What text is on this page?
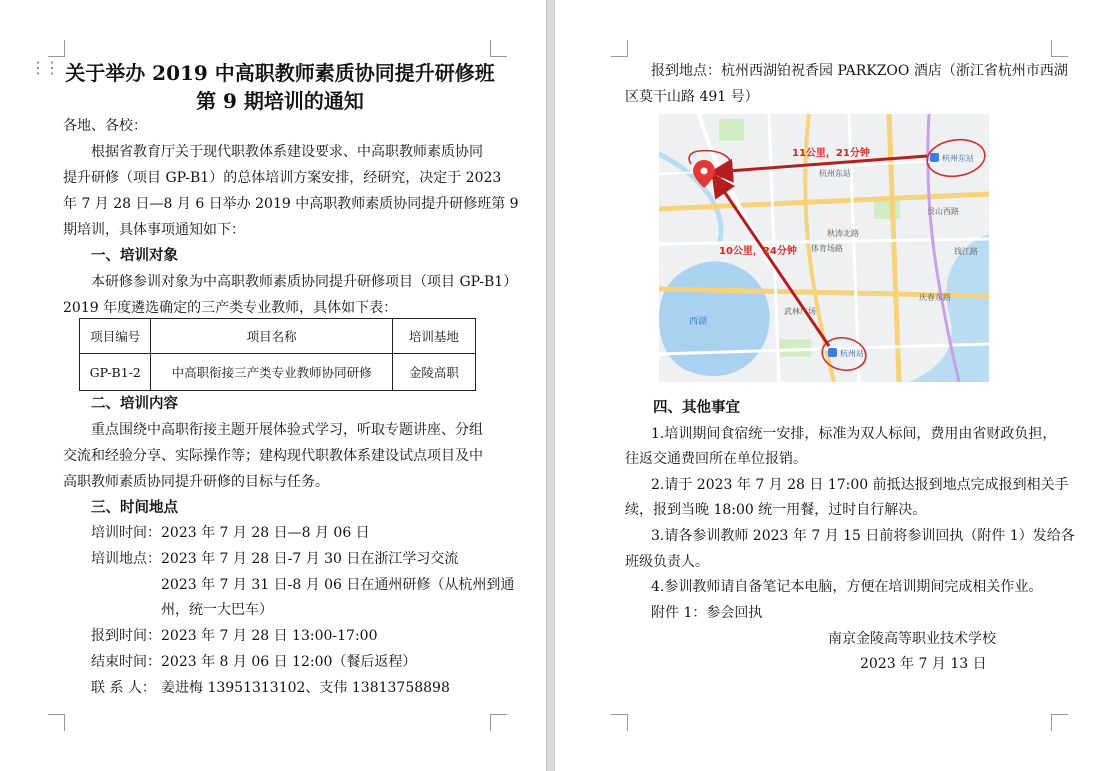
⋮⋮ 关于举办 2019 中高职教师素质协同提升研修班
第 9 期培训的通知
各地、各校：
根据省教育厅关于现代职教体系建设要求、中高职教师素质协同
提升研修（项目 GP-B1）的总体培训方案安排，经研究，决定于 2023
年 7 月 28 日—8 月 6 日举办 2019 中高职教师素质协同提升研修班第 9
期培训，具体事项通知如下：
一、培训对象
本研修参训对象为中高职教师素质协同提升研修项目（项目 GP-B1）
2019 年度遴选确定的三产类专业教师，具体如下表：
项目编号	项目名称	培训基地
GP-B1-2	中高职衔接三产类专业教师协同研修	金陵高职
二、培训内容
重点围绕中高职衔接主题开展体验式学习，听取专题讲座、分组
交流和经验分享、实际操作等；建构现代职教体系建设试点项目及中
高职教师素质协同提升研修的目标与任务。
三、时间地点
培训时间： 2023 年 7 月 28 日—8 月 06 日
培训地点： 2023 年 7 月 28 日-7 月 30 日在浙江学习交流
2023 年 7 月 31 日-8 月 06 日在通州研修（从杭州到通
州，统一大巴车）
报到时间： 2023 年 7 月 28 日 13:00-17:00
结束时间： 2023 年 8 月 06 日 12:00（餐后返程）
联 系 人： 姜进梅 13951313102、支伟 13813758898
报到地点：杭州西湖铂祝香园 PARKZOO 酒店（浙江省杭州市西湖
区莫干山路 491 号）
四、其他事宜
1.培训期间食宿统一安排，标准为双人标间，费用由省财政负担，
往返交通费回所在单位报销。
2.请于 2023 年 7 月 28 日 17:00 前抵达报到地点完成报到相关手
续，报到当晚 18:00 统一用餐，过时自行解决。
3.请各参训教师 2023 年 7 月 15 日前将参训回执（附件 1）发给各
班级负责人。
4.参训教师请自备笔记本电脑，方便在培训期间完成相关作业。
附件 1：参会回执
南京金陵高等职业技术学校
2023 年 7 月 13 日
秋涛北路
庆春东路
艮山西路
体育场路	钱江路
武林广场
西湖
杭州东站
杭州东站
杭州站
11公里，21分钟
10公里，24分钟
